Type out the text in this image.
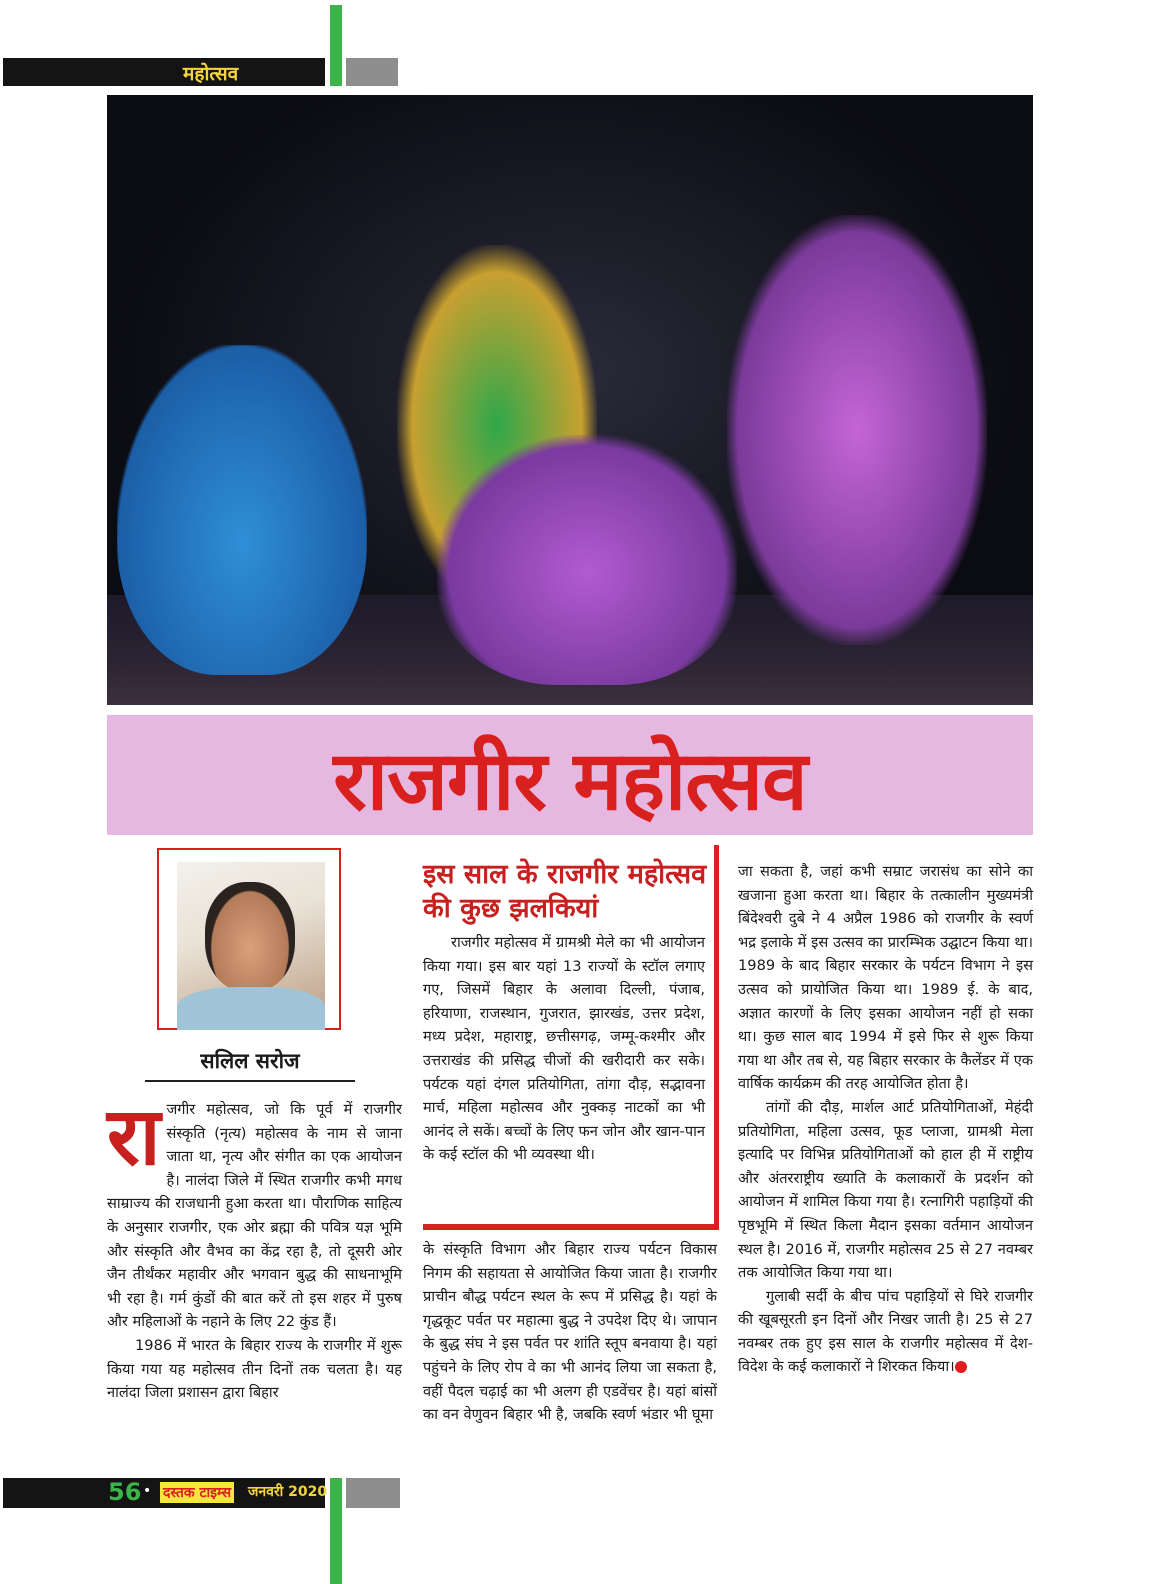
महोत्सव
राजगीर महोत्सव
सलिल सरोज

राजगीर महोत्सव, जो कि पूर्व में राजगीर संस्कृति (नृत्य) महोत्सव के नाम से जाना जाता था, नृत्य और संगीत का एक आयोजन है। नालंदा जिले में स्थित राजगीर कभी मगध साम्राज्य की राजधानी हुआ करता था। पौराणिक साहित्य के अनुसार राजगीर, एक ओर ब्रह्मा की पवित्र यज्ञ भूमि और संस्कृति और वैभव का केंद्र रहा है, तो दूसरी ओर जैन तीर्थंकर महावीर और भगवान बुद्ध की साधनाभूमि भी रहा है। गर्म कुंडों की बात करें तो इस शहर में पुरुष और महिलाओं के नहाने के लिए 22 कुंड हैं।

1986 में भारत के बिहार राज्य के राजगीर में शुरू किया गया यह महोत्सव तीन दिनों तक चलता है। यह नालंदा जिला प्रशासन द्वारा बिहार

इस साल के राजगीर महोत्सव की कुछ झलकियां

राजगीर महोत्सव में ग्रामश्री मेले का भी आयोजन किया गया। इस बार यहां 13 राज्यों के स्टॉल लगाए गए, जिसमें बिहार के अलावा दिल्ली, पंजाब, हरियाणा, राजस्थान, गुजरात, झारखंड, उत्तर प्रदेश, मध्य प्रदेश, महाराष्ट्र, छत्तीसगढ़, जम्मू-कश्मीर और उत्तराखंड की प्रसिद्ध चीजों की खरीदारी कर सके। पर्यटक यहां दंगल प्रतियोगिता, तांगा दौड़, सद्भावना मार्च, महिला महोत्सव और नुक्कड़ नाटकों का भी आनंद ले सकें। बच्चों के लिए फन जोन और खान-पान के कई स्टॉल की भी व्यवस्था थी।

के संस्कृति विभाग और बिहार राज्य पर्यटन विकास निगम की सहायता से आयोजित किया जाता है। राजगीर प्राचीन बौद्ध पर्यटन स्थल के रूप में प्रसिद्ध है। यहां के गृद्धकूट पर्वत पर महात्मा बुद्ध ने उपदेश दिए थे। जापान के बुद्ध संघ ने इस पर्वत पर शांति स्तूप बनवाया है। यहां पहुंचने के लिए रोप वे का भी आनंद लिया जा सकता है, वहीं पैदल चढ़ाई का भी अलग ही एडवेंचर है। यहां बांसों का वन वेणुवन बिहार भी है, जबकि स्वर्ण भंडार भी घूमा

जा सकता है, जहां कभी सम्राट जरासंध का सोने का खजाना हुआ करता था। बिहार के तत्कालीन मुख्यमंत्री बिंदेश्वरी दुबे ने 4 अप्रैल 1986 को राजगीर के स्वर्ण भद्र इलाके में इस उत्सव का प्रारम्भिक उद्घाटन किया था। 1989 के बाद बिहार सरकार के पर्यटन विभाग ने इस उत्सव को प्रायोजित किया था। 1989 ई. के बाद, अज्ञात कारणों के लिए इसका आयोजन नहीं हो सका था। कुछ साल बाद 1994 में इसे फिर से शुरू किया गया था और तब से, यह बिहार सरकार के कैलेंडर में एक वार्षिक कार्यक्रम की तरह आयोजित होता है।

तांगों की दौड़, मार्शल आर्ट प्रतियोगिताओं, मेहंदी प्रतियोगिता, महिला उत्सव, फूड प्लाजा, ग्रामश्री मेला इत्यादि पर विभिन्न प्रतियोगिताओं को हाल ही में राष्ट्रीय और अंतरराष्ट्रीय ख्याति के कलाकारों के प्रदर्शन को आयोजन में शामिल किया गया है। रत्नागिरी पहाड़ियों की पृष्ठभूमि में स्थित किला मैदान इसका वर्तमान आयोजन स्थल है। 2016 में, राजगीर महोत्सव 25 से 27 नवम्बर तक आयोजित किया गया था।

गुलाबी सर्दी के बीच पांच पहाड़ियों से घिरे राजगीर की खूबसूरती इन दिनों और निखर जाती है। 25 से 27 नवम्बर तक हुए इस साल के राजगीर महोत्सव में देश-विदेश के कई कलाकारों ने शिरकत किया।

56 • दस्तक टाइम्स जनवरी 2020
